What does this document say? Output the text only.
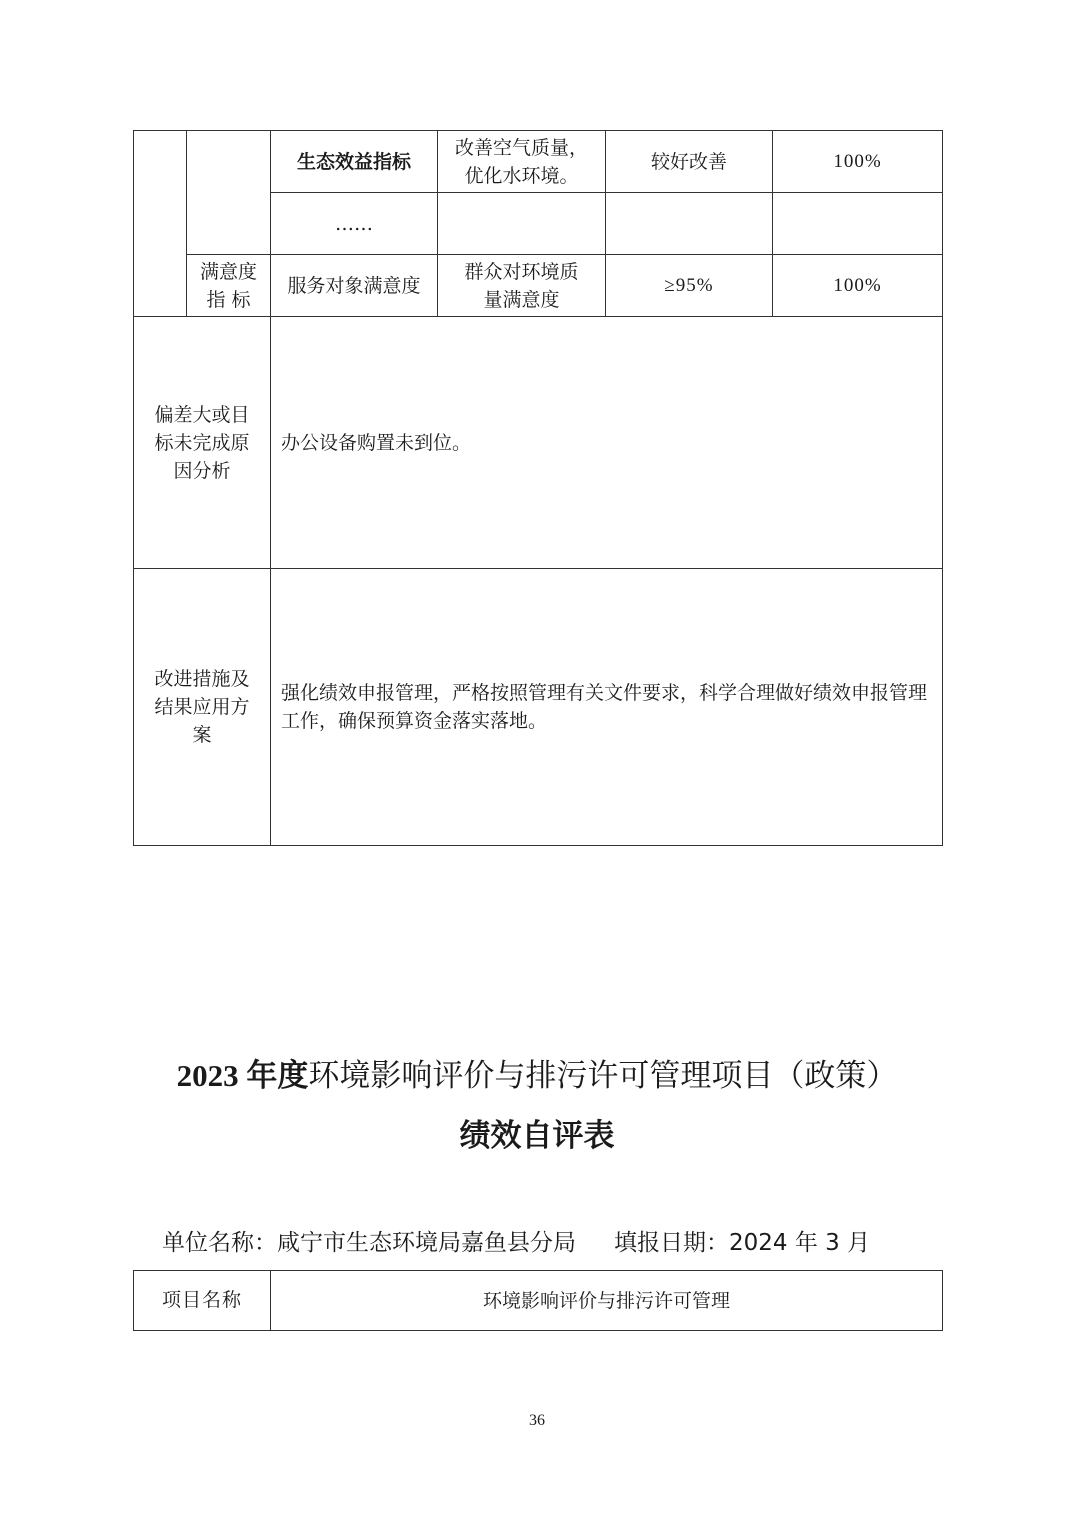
		生态效益指标	改善空气质量，优化水环境。	较好改善	100%
		……			
	满意度指 标	服务对象满意度	群众对环境质量满意度	≥95%	100%
偏差大或目标未完成原因分析		办公设备购置未到位。			
改进措施及结果应用方案		强化绩效申报管理，严格按照管理有关文件要求，科学合理做好绩效申报管理工作，确保预算资金落实落地。			
2023 年度环境影响评价与排污许可管理项目（政策）
绩效自评表
单位名称：咸宁市生态环境局嘉鱼县分局 填报日期：2024 年 3 月
项目名称	环境影响评价与排污许可管理
36
